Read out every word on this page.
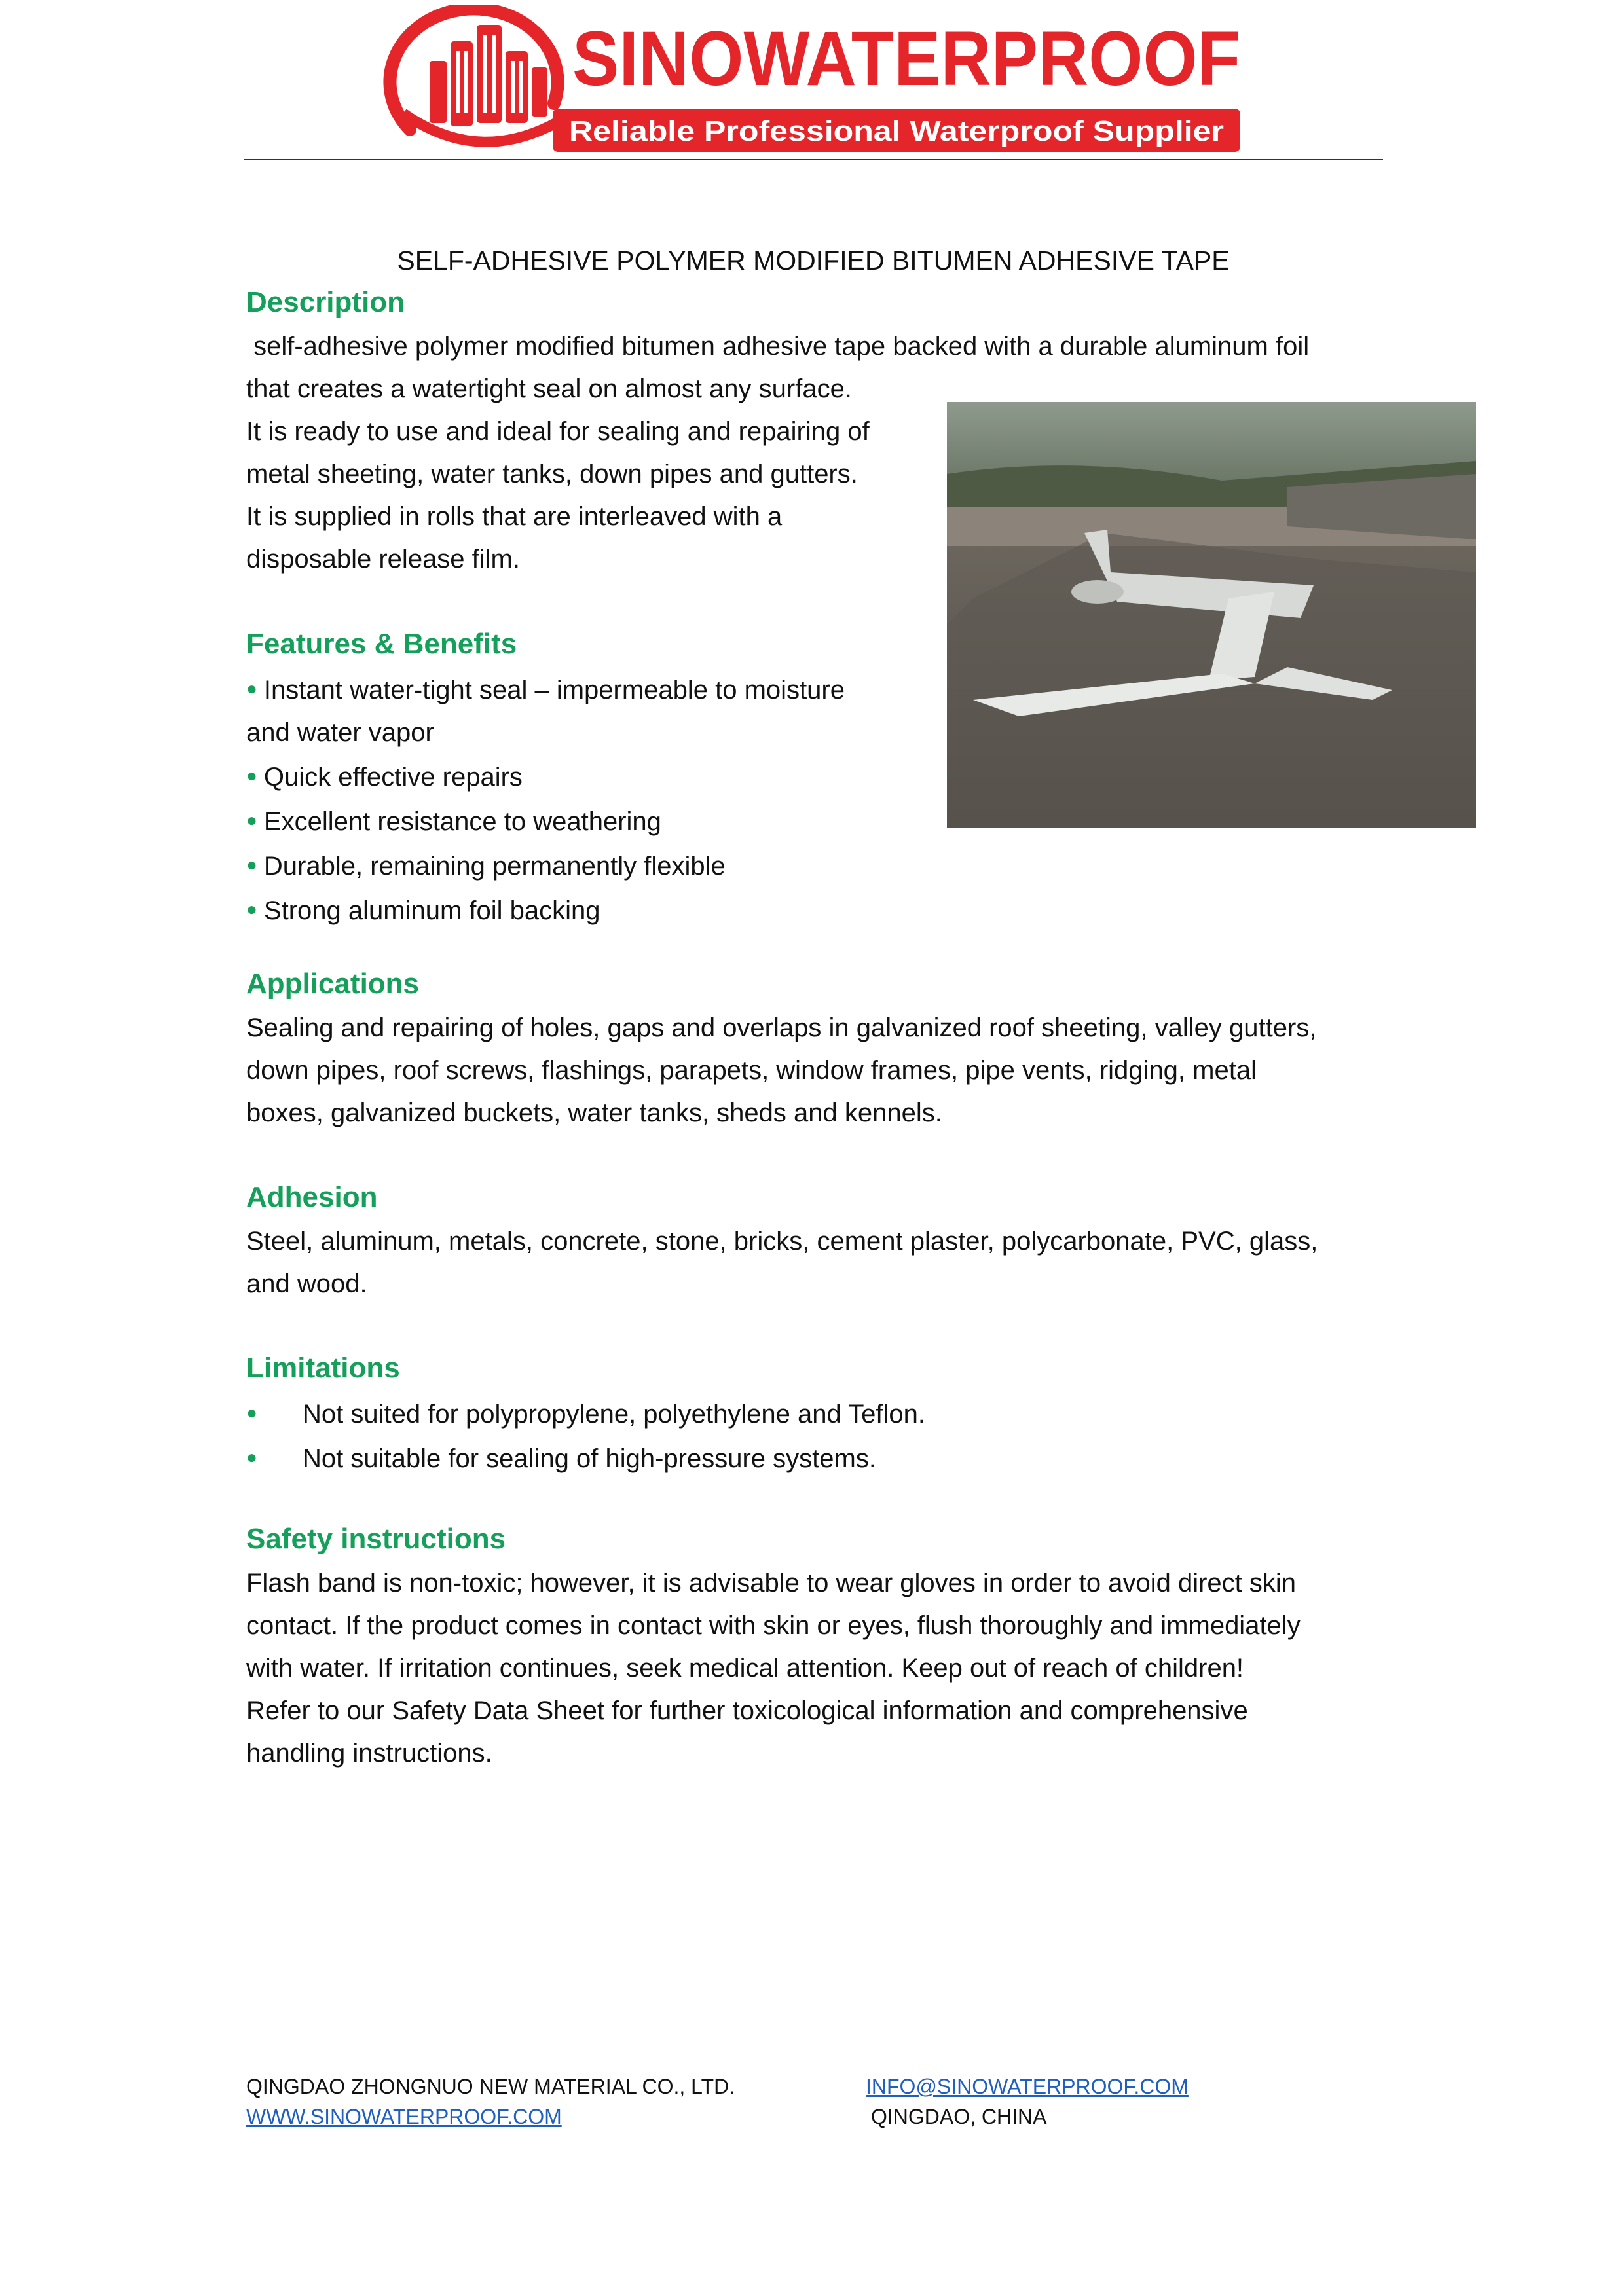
SINOWATERPROOF
Reliable Professional Waterproof Supplier
SELF-ADHESIVE POLYMER MODIFIED BITUMEN ADHESIVE TAPE
Description
self-adhesive polymer modified bitumen adhesive tape backed with a durable aluminum foil
that creates a watertight seal on almost any surface.
It is ready to use and ideal for sealing and repairing of
metal sheeting, water tanks, down pipes and gutters.
It is supplied in rolls that are interleaved with a
disposable release film.
Features & Benefits
● Instant water-tight seal – impermeable to moisture
and water vapor
● Quick effective repairs
● Excellent resistance to weathering
● Durable, remaining permanently flexible
● Strong aluminum foil backing
Applications
Sealing and repairing of holes, gaps and overlaps in galvanized roof sheeting, valley gutters,
down pipes, roof screws, flashings, parapets, window frames, pipe vents, ridging, metal
boxes, galvanized buckets, water tanks, sheds and kennels.
Adhesion
Steel, aluminum, metals, concrete, stone, bricks, cement plaster, polycarbonate, PVC, glass,
and wood.
Limitations
● Not suited for polypropylene, polyethylene and Teflon.
● Not suitable for sealing of high-pressure systems.
Safety instructions
Flash band is non-toxic; however, it is advisable to wear gloves in order to avoid direct skin
contact. If the product comes in contact with skin or eyes, flush thoroughly and immediately
with water. If irritation continues, seek medical attention. Keep out of reach of children!
Refer to our Safety Data Sheet for further toxicological information and comprehensive
handling instructions.
QINGDAO ZHONGNUO NEW MATERIAL CO., LTD.
WWW.SINOWATERPROOF.COM
INFO@SINOWATERPROOF.COM
QINGDAO, CHINA
